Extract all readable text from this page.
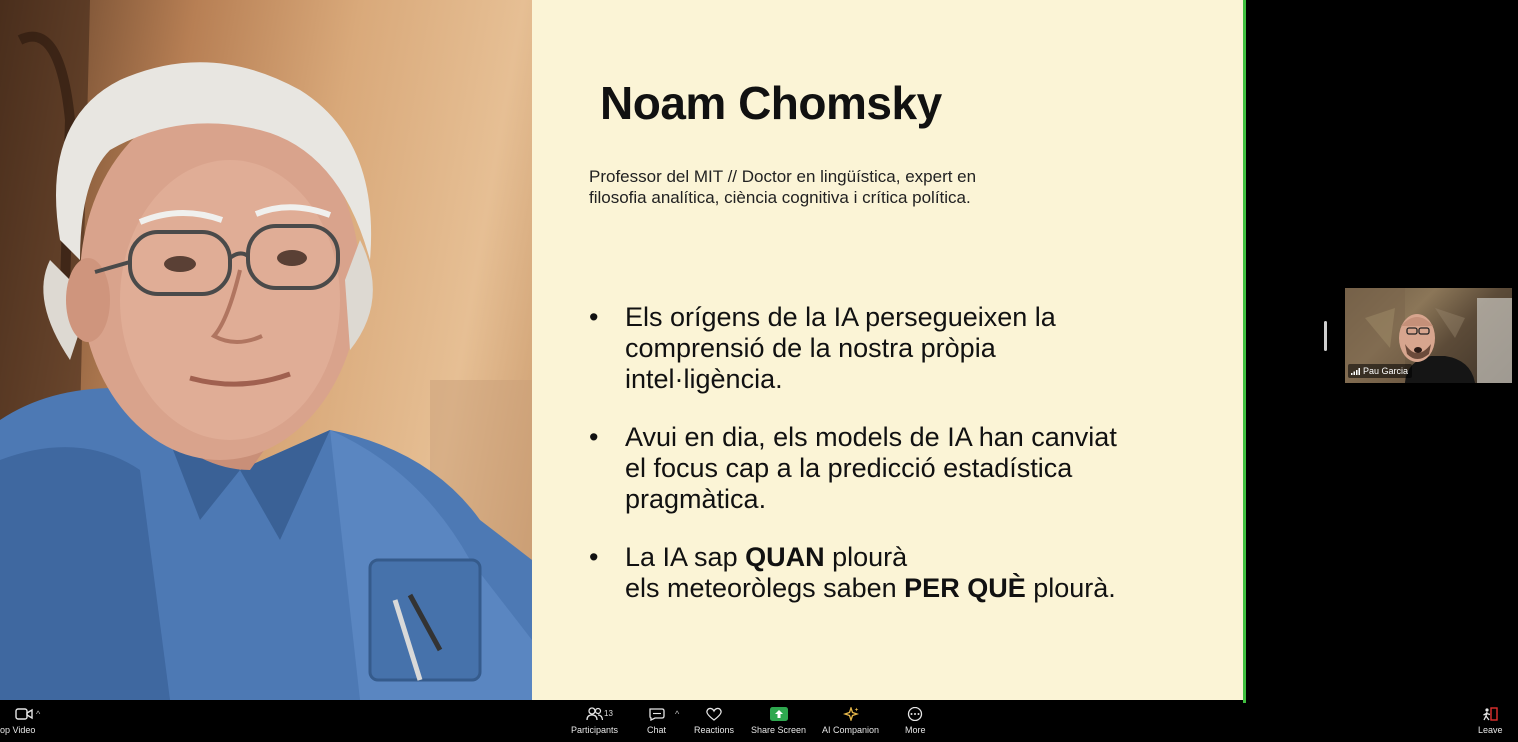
Noam Chomsky

Professor del MIT // Doctor en lingüística, expert en
filosofia analítica, ciència cognitiva i crítica política.

• Els orígens de la IA persegueixen la
comprensió de la nostra pròpia
intel·ligència.
• Avui en dia, els models de IA han canviat
el focus cap a la predicció estadística
pragmàtica.
• La IA sap QUAN plourà
els meteoròlegs saben PER QUÈ plourà.
Pau Garcia
op Video
^
Participants
13
Chat
^
Reactions Share Screen AI Companion	More	Leave
